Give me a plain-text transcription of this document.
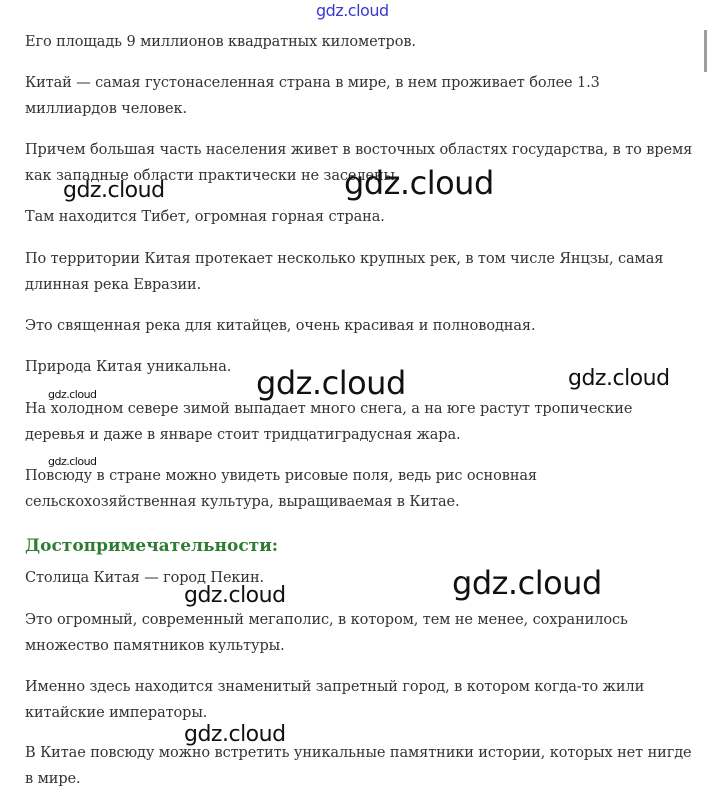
Его площадь 9 миллионов квадратных километров.

Китай — самая густонаселенная страна в мире, в нем проживает более 1.3 миллиардов человек.

Причем большая часть населения живет в восточных областях государства, в то время как западные области практически не заселены.

Там находится Тибет, огромная горная страна.

По территории Китая протекает несколько крупных рек, в том числе Янцзы, самая длинная река Евразии.

Это священная река для китайцев, очень красивая и полноводная.

Природа Китая уникальна.

На холодном севере зимой выпадает много снега, а на юге растут тропические деревья и даже в январе стоит тридцатиградусная жара.

Повсюду в стране можно увидеть рисовые поля, ведь рис основная сельскохозяйственная культура, выращиваемая в Китае.

Достопримечательности:

Столица Китая — город Пекин.

Это огромный, современный мегаполис, в котором, тем не менее, сохранилось множество памятников культуры.

Именно здесь находится знаменитый запретный город, в котором когда-то жили китайские императоры.

В Китае повсюду можно встретить уникальные памятники истории, которых нет нигде в мире.

gdz.cloud
gdz.cloud	gdz.cloud
gdz.cloud	gdz.cloud
gdz.cloud
gdz.cloud
gdz.cloud
gdz.cloud
gdz.cloud
